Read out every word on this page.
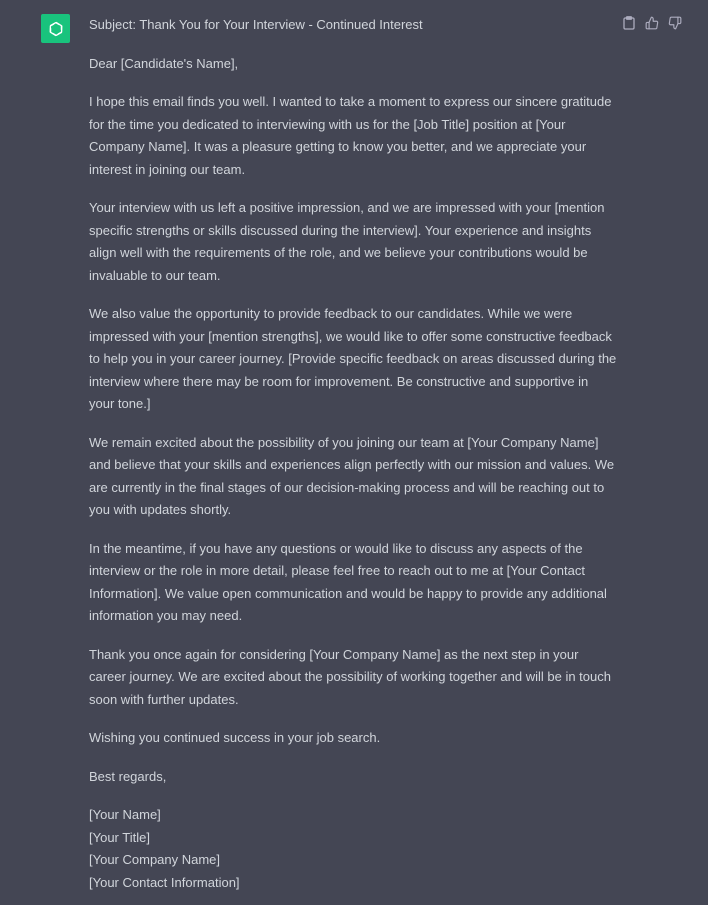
Subject: Thank You for Your Interview - Continued Interest

Dear [Candidate's Name],

I hope this email finds you well. I wanted to take a moment to express our sincere gratitude for the time you dedicated to interviewing with us for the [Job Title] position at [Your Company Name]. It was a pleasure getting to know you better, and we appreciate your interest in joining our team.

Your interview with us left a positive impression, and we are impressed with your [mention specific strengths or skills discussed during the interview]. Your experience and insights align well with the requirements of the role, and we believe your contributions would be invaluable to our team.

We also value the opportunity to provide feedback to our candidates. While we were impressed with your [mention strengths], we would like to offer some constructive feedback to help you in your career journey. [Provide specific feedback on areas discussed during the interview where there may be room for improvement. Be constructive and supportive in your tone.]

We remain excited about the possibility of you joining our team at [Your Company Name] and believe that your skills and experiences align perfectly with our mission and values. We are currently in the final stages of our decision-making process and will be reaching out to you with updates shortly.

In the meantime, if you have any questions or would like to discuss any aspects of the interview or the role in more detail, please feel free to reach out to me at [Your Contact Information]. We value open communication and would be happy to provide any additional information you may need.

Thank you once again for considering [Your Company Name] as the next step in your career journey. We are excited about the possibility of working together and will be in touch soon with further updates.

Wishing you continued success in your job search.

Best regards,

[Your Name]

[Your Title]

[Your Company Name]

[Your Contact Information]
